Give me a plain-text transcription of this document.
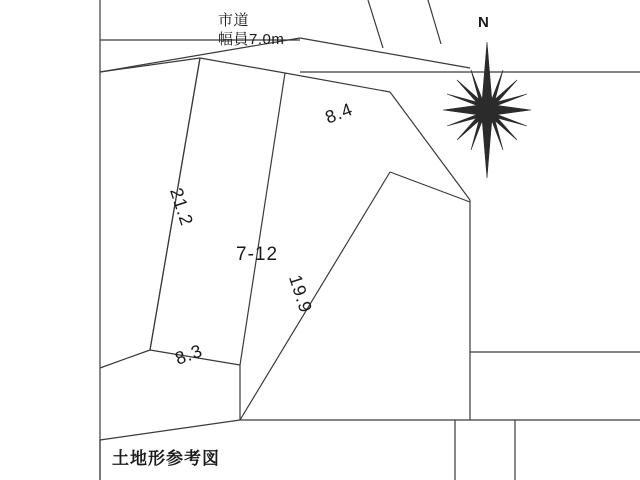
市道
幅員7.0m
7-12
8.4
21.2
19.9
8.3
N
土地形参考図
